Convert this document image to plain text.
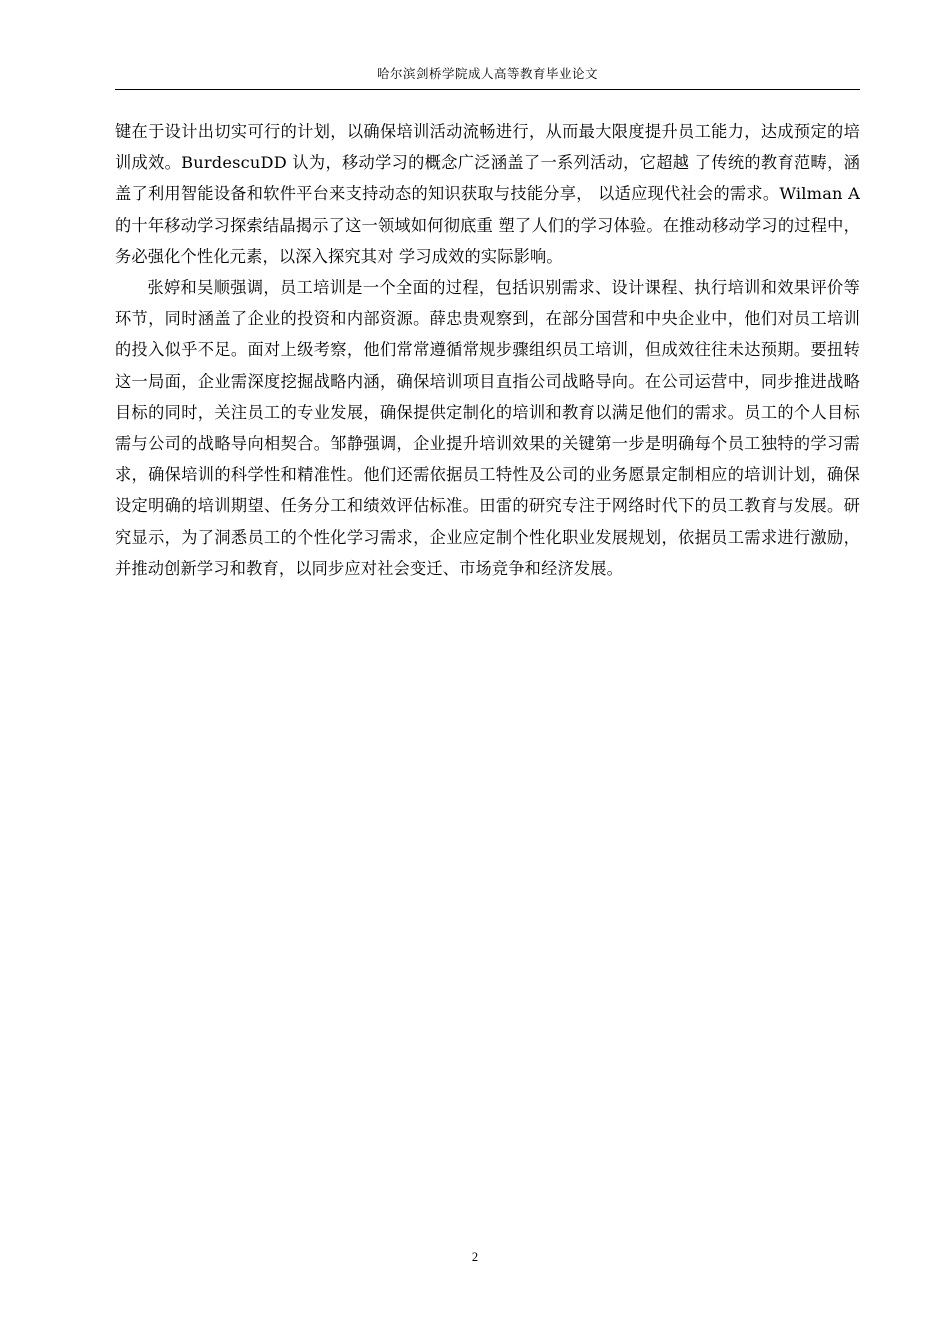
哈尔滨剑桥学院成人高等教育毕业论文

键在于设计出切实可行的计划，以确保培训活动流畅进行，从而最大限度提升员工能力，达成预定的培训成效。BurdescuDD 认为，移动学习的概念广泛涵盖了一系列活动，它超越 了传统的教育范畴，涵盖了利用智能设备和软件平台来支持动态的知识获取与技能分享， 以适应现代社会的需求。Wilman A 的十年移动学习探索结晶揭示了这一领域如何彻底重 塑了人们的学习体验。在推动移动学习的过程中，务必强化个性化元素，以深入探究其对 学习成效的实际影响。

张婷和吴顺强调，员工培训是一个全面的过程，包括识别需求、设计课程、执行培训和效果评价等环节，同时涵盖了企业的投资和内部资源。薛忠贵观察到，在部分国营和中央企业中，他们对员工培训的投入似乎不足。面对上级考察，他们常常遵循常规步骤组织员工培训，但成效往往未达预期。要扭转这一局面，企业需深度挖掘战略内涵，确保培训项目直指公司战略导向。在公司运营中，同步推进战略目标的同时，关注员工的专业发展，确保提供定制化的培训和教育以满足他们的需求。员工的个人目标需与公司的战略导向相契合。邹静强调，企业提升培训效果的关键第一步是明确每个员工独特的学习需求，确保培训的科学性和精准性。他们还需依据员工特性及公司的业务愿景定制相应的培训计划，确保设定明确的培训期望、任务分工和绩效评估标准。田雷的研究专注于网络时代下的员工教育与发展。研究显示，为了洞悉员工的个性化学习需求，企业应定制个性化职业发展规划，依据员工需求进行激励，并推动创新学习和教育，以同步应对社会变迁、市场竞争和经济发展。

2
